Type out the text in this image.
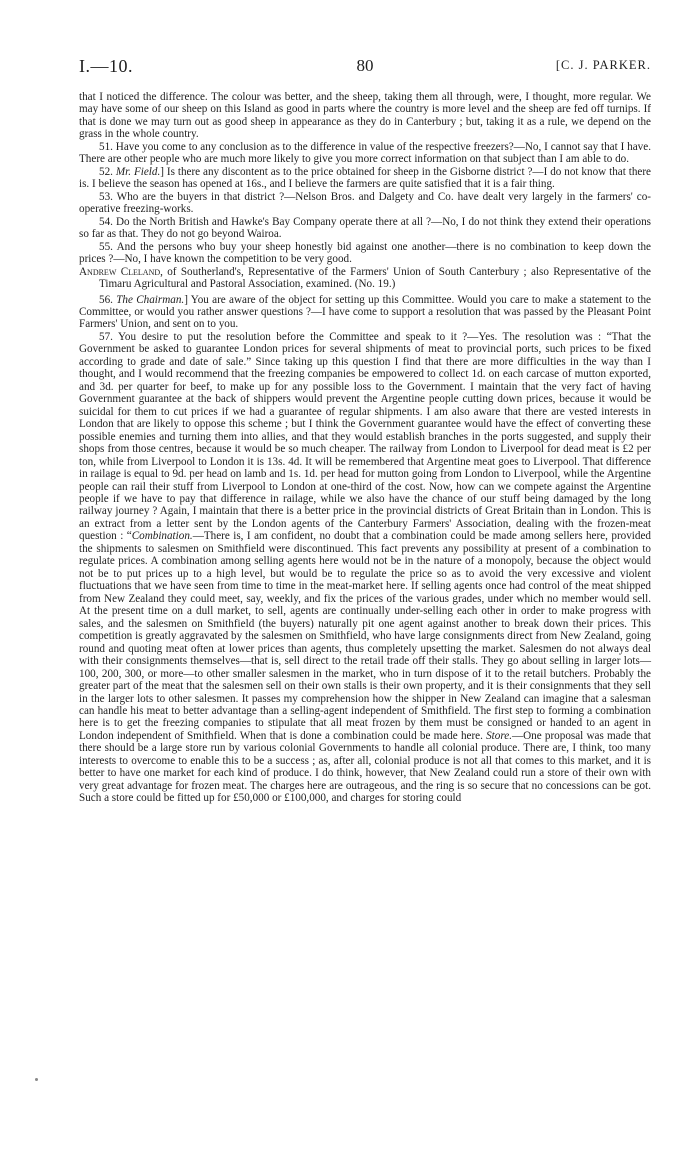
I.—10.	80	[C. J. PARKER.

that I noticed the difference. The colour was better, and the sheep, taking them all through, were, I thought, more regular. We may have some of our sheep on this Island as good in parts where the country is more level and the sheep are fed off turnips. If that is done we may turn out as good sheep in appearance as they do in Canterbury ; but, taking it as a rule, we depend on the grass in the whole country.

51. Have you come to any conclusion as to the difference in value of the respective freezers?—No, I cannot say that I have. There are other people who are much more likely to give you more correct information on that subject than I am able to do.

52. Mr. Field.] Is there any discontent as to the price obtained for sheep in the Gisborne district ?—I do not know that there is. I believe the season has opened at 16s., and I believe the farmers are quite satisfied that it is a fair thing.

53. Who are the buyers in that district ?—Nelson Bros. and Dalgety and Co. have dealt very largely in the farmers' co-operative freezing-works.

54. Do the North British and Hawke's Bay Company operate there at all ?—No, I do not think they extend their operations so far as that. They do not go beyond Wairoa.

55. And the persons who buy your sheep honestly bid against one another—there is no combination to keep down the prices ?—No, I have known the competition to be very good.

Andrew Cleland, of Southerland's, Representative of the Farmers' Union of South Canterbury ; also Representative of the Timaru Agricultural and Pastoral Association, examined. (No. 19.)

56. The Chairman.] You are aware of the object for setting up this Committee. Would you care to make a statement to the Committee, or would you rather answer questions ?—I have come to support a resolution that was passed by the Pleasant Point Farmers' Union, and sent on to you.

57. You desire to put the resolution before the Committee and speak to it ?—Yes. The resolution was : “That the Government be asked to guarantee London prices for several shipments of meat to provincial ports, such prices to be fixed according to grade and date of sale.” Since taking up this question I find that there are more difficulties in the way than I thought, and I would recommend that the freezing companies be empowered to collect 1d. on each carcase of mutton exported, and 3d. per quarter for beef, to make up for any possible loss to the Government. I maintain that the very fact of having Government guarantee at the back of shippers would prevent the Argentine people cutting down prices, because it would be suicidal for them to cut prices if we had a guarantee of regular shipments. I am also aware that there are vested interests in London that are likely to oppose this scheme ; but I think the Government guarantee would have the effect of converting these possible enemies and turning them into allies, and that they would establish branches in the ports suggested, and supply their shops from those centres, because it would be so much cheaper. The railway from London to Liverpool for dead meat is £2 per ton, while from Liverpool to London it is 13s. 4d. It will be remembered that Argentine meat goes to Liverpool. That difference in railage is equal to 9d. per head on lamb and 1s. 1d. per head for mutton going from London to Liverpool, while the Argentine people can rail their stuff from Liverpool to London at one-third of the cost. Now, how can we compete against the Argentine people if we have to pay that difference in railage, while we also have the chance of our stuff being damaged by the long railway journey ? Again, I maintain that there is a better price in the provincial districts of Great Britain than in London. This is an extract from a letter sent by the London agents of the Canterbury Farmers' Association, dealing with the frozen-meat question : “Combination.—There is, I am confident, no doubt that a combination could be made among sellers here, provided the shipments to salesmen on Smithfield were discontinued. This fact prevents any possibility at present of a combination to regulate prices. A combination among selling agents here would not be in the nature of a monopoly, because the object would not be to put prices up to a high level, but would be to regulate the price so as to avoid the very excessive and violent fluctuations that we have seen from time to time in the meat-market here. If selling agents once had control of the meat shipped from New Zealand they could meet, say, weekly, and fix the prices of the various grades, under which no member would sell. At the present time on a dull market, to sell, agents are continually under-selling each other in order to make progress with sales, and the salesmen on Smithfield (the buyers) naturally pit one agent against another to break down their prices. This competition is greatly aggravated by the salesmen on Smithfield, who have large consignments direct from New Zealand, going round and quoting meat often at lower prices than agents, thus completely upsetting the market. Salesmen do not always deal with their consignments themselves—that is, sell direct to the retail trade off their stalls. They go about selling in larger lots—100, 200, 300, or more—to other smaller salesmen in the market, who in turn dispose of it to the retail butchers. Probably the greater part of the meat that the salesmen sell on their own stalls is their own property, and it is their consignments that they sell in the larger lots to other salesmen. It passes my comprehension how the shipper in New Zealand can imagine that a salesman can handle his meat to better advantage than a selling-agent independent of Smithfield. The first step to forming a combination here is to get the freezing companies to stipulate that all meat frozen by them must be consigned or handed to an agent in London independent of Smithfield. When that is done a combination could be made here. Store.—One proposal was made that there should be a large store run by various colonial Governments to handle all colonial produce. There are, I think, too many interests to overcome to enable this to be a success ; as, after all, colonial produce is not all that comes to this market, and it is better to have one market for each kind of produce. I do think, however, that New Zealand could run a store of their own with very great advantage for frozen meat. The charges here are outrageous, and the ring is so secure that no concessions can be got. Such a store could be fitted up for £50,000 or £100,000, and charges for storing could
